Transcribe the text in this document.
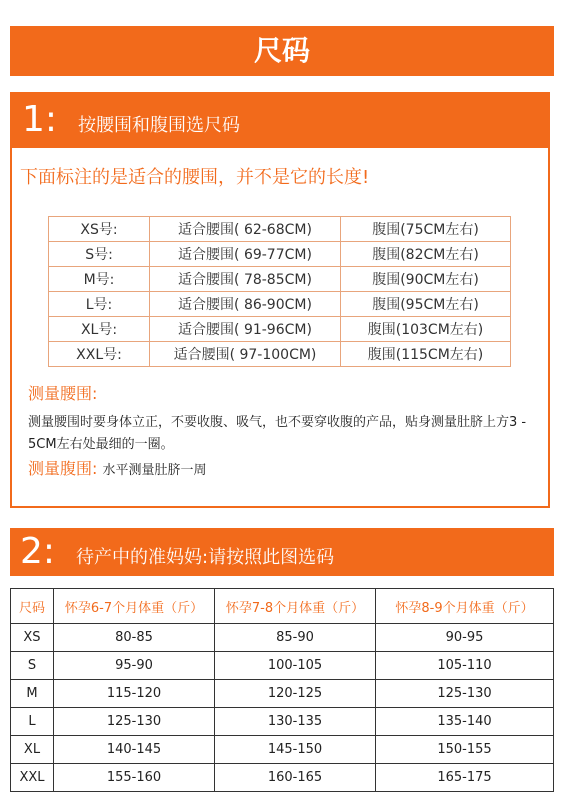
尺码
1: 按腰围和腹围选尺码
下面标注的是适合的腰围，并不是它的长度!
XS号:	适合腰围( 62-68CM)	腹围(75CM左右)
S号:	适合腰围( 69-77CM)	腹围(82CM左右)
M号:	适合腰围( 78-85CM)	腹围(90CM左右)
L号:	适合腰围( 86-90CM)	腹围(95CM左右)
XL号:	适合腰围( 91-96CM)	腹围(103CM左右)
XXL号:	适合腰围( 97-100CM)	腹围(115CM左右)
测量腰围:
测量腰围时要身体立正，不要收腹、吸气，也不要穿收腹的产品，贴身测量肚脐上方3 - 5CM左右处最细的一圈。
测量腹围: 水平测量肚脐一周
2: 待产中的准妈妈:请按照此图选码
尺码	怀孕6-7个月体重（斤）	怀孕7-8个月体重（斤）	怀孕8-9个月体重（斤）
XS	80-85	85-90	90-95
S	95-90	100-105	105-110
M	115-120	120-125	125-130
L	125-130	130-135	135-140
XL	140-145	145-150	150-155
XXL	155-160	160-165	165-175
